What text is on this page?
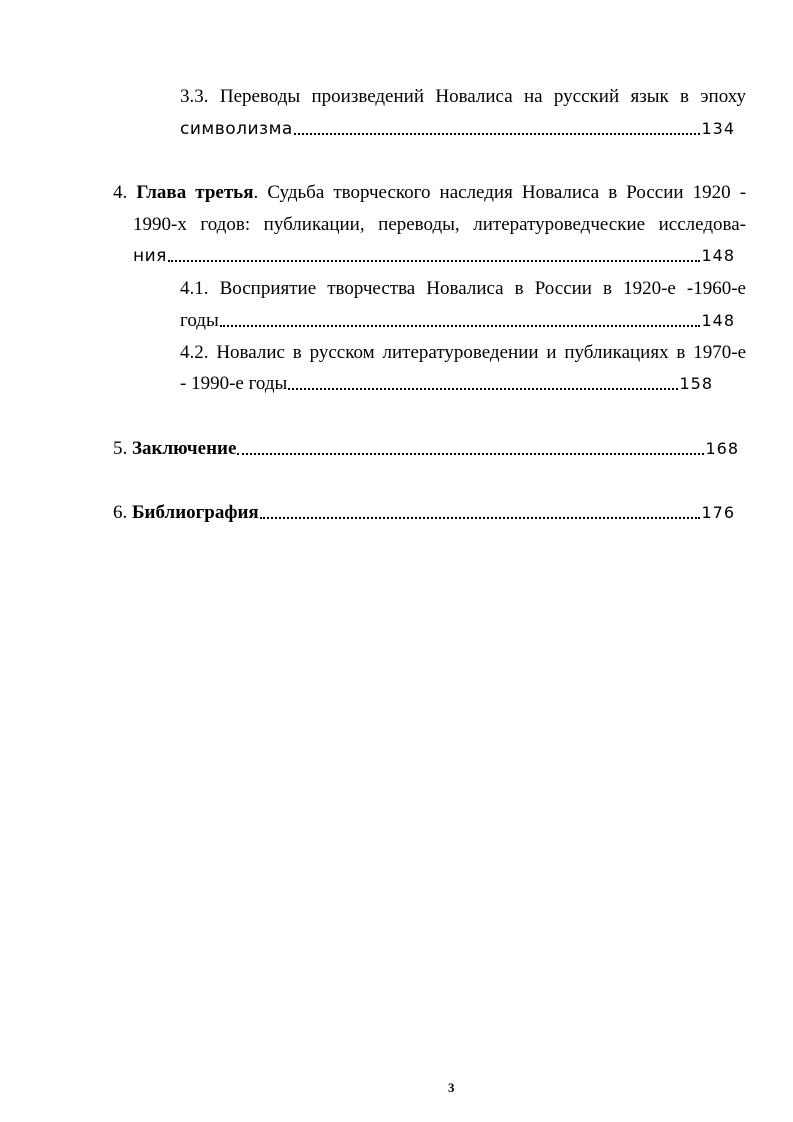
3.3. Переводы произведений Новалиса на русский язык в эпоху
символизма	134
4. Глава третья. Судьба творческого наследия Новалиса в России 1920 -
1990-х годов: публикации, переводы, литературоведческие исследова-
ния	148
4.1. Восприятие творчества Новалиса в России в 1920-е -1960-е
годы	148
4.2. Новалис в русском литературоведении и публикациях в 1970-е
- 1990-е годы	158
5. Заключение	168
6. Библиография	176
3
